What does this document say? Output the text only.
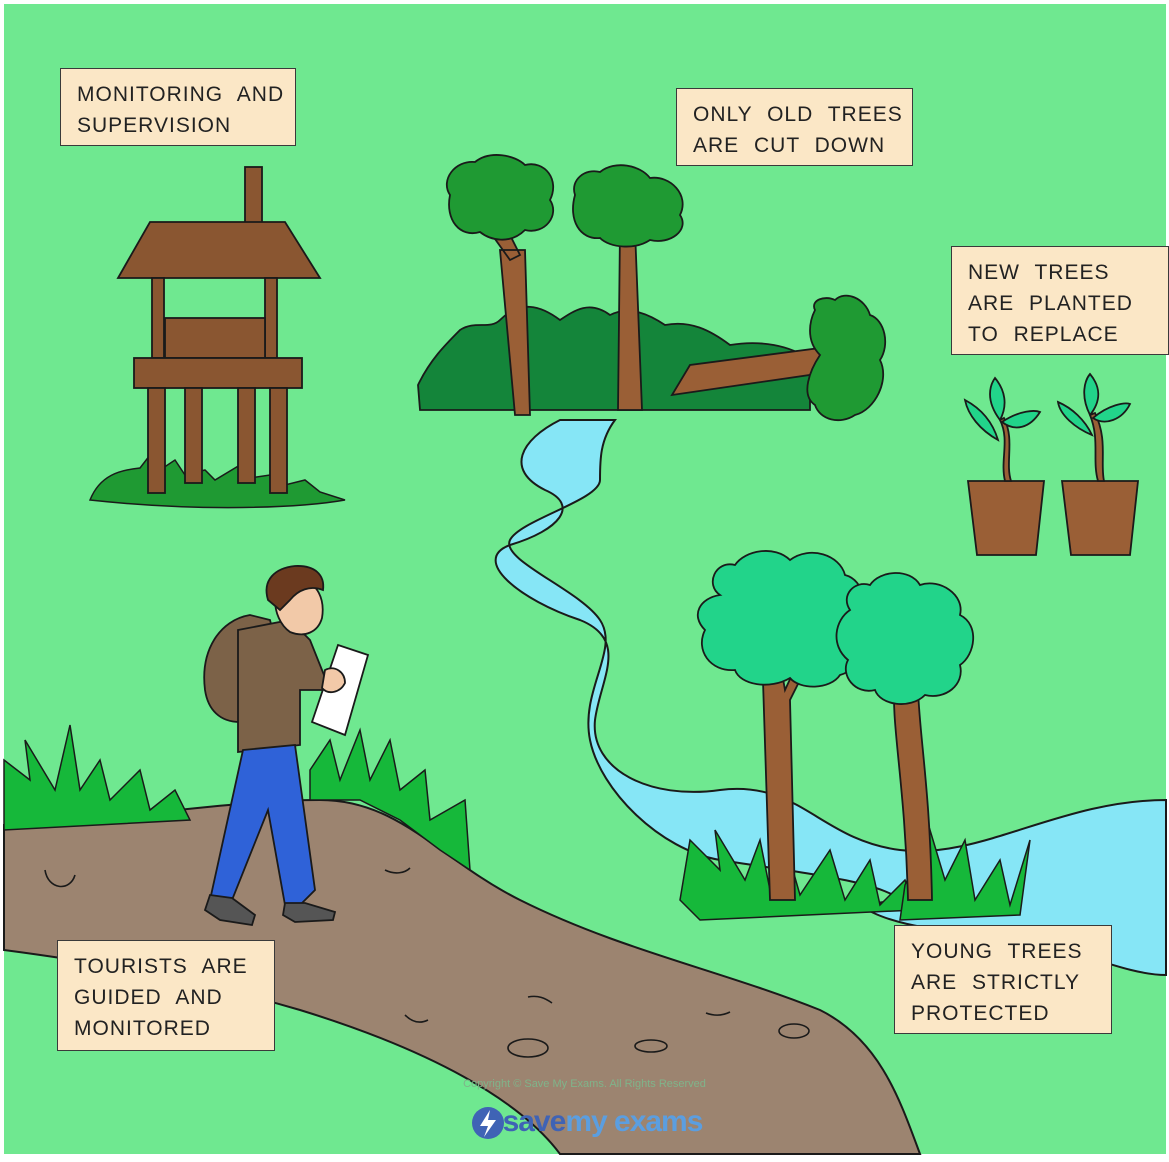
MONITORING AND
SUPERVISION	ONLY OLD TREES
ARE CUT DOWN
NEW TREES
ARE PLANTED
TO REPLACE
TOURISTS ARE
GUIDED AND
MONITORED
YOUNG TREES
ARE STRICTLY
PROTECTED
Copyright © Save My Exams. All Rights Reserved
savemy exams
